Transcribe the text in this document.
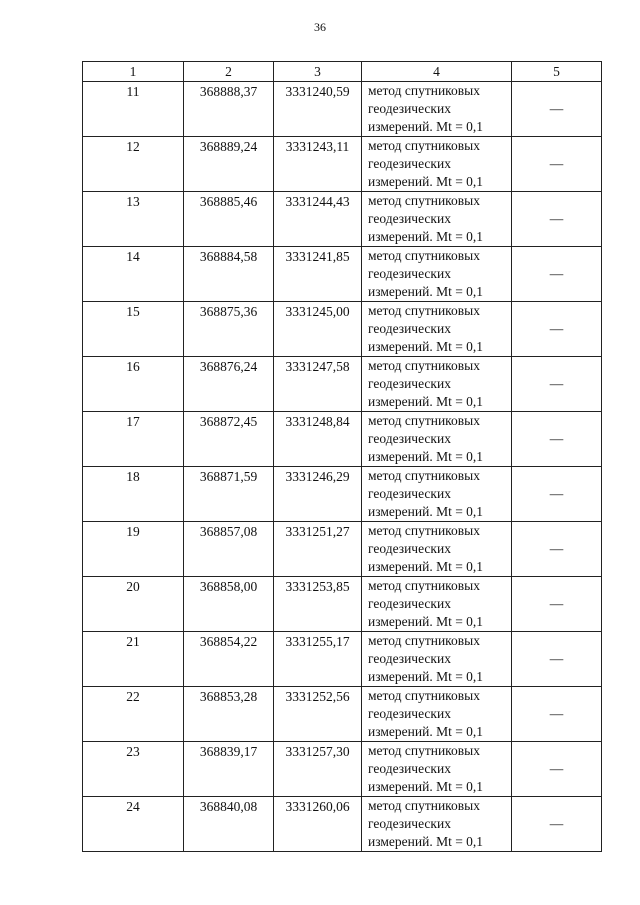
36
1	2	3	4	5

11	368888,37	3331240,59	метод спутниковых
геодезических
измерений. Mt = 0,1	—

12	368889,24	3331243,11	метод спутниковых
геодезических
измерений. Mt = 0,1	—

13	368885,46	3331244,43	метод спутниковых
геодезических
измерений. Mt = 0,1	—

14	368884,58	3331241,85	метод спутниковых
геодезических
измерений. Mt = 0,1	—

15	368875,36	3331245,00	метод спутниковых
геодезических
измерений. Mt = 0,1	—

16	368876,24	3331247,58	метод спутниковых
геодезических
измерений. Mt = 0,1	—

17	368872,45	3331248,84	метод спутниковых
геодезических
измерений. Mt = 0,1	—

18	368871,59	3331246,29	метод спутниковых
геодезических
измерений. Mt = 0,1	—

19	368857,08	3331251,27	метод спутниковых
геодезических
измерений. Mt = 0,1	—

20	368858,00	3331253,85	метод спутниковых
геодезических
измерений. Mt = 0,1	—

21	368854,22	3331255,17	метод спутниковых
геодезических
измерений. Mt = 0,1	—

22	368853,28	3331252,56	метод спутниковых
геодезических
измерений. Mt = 0,1	—

23	368839,17	3331257,30	метод спутниковых
геодезических
измерений. Mt = 0,1	—

24	368840,08	3331260,06	метод спутниковых
геодезических
измерений. Mt = 0,1	—
